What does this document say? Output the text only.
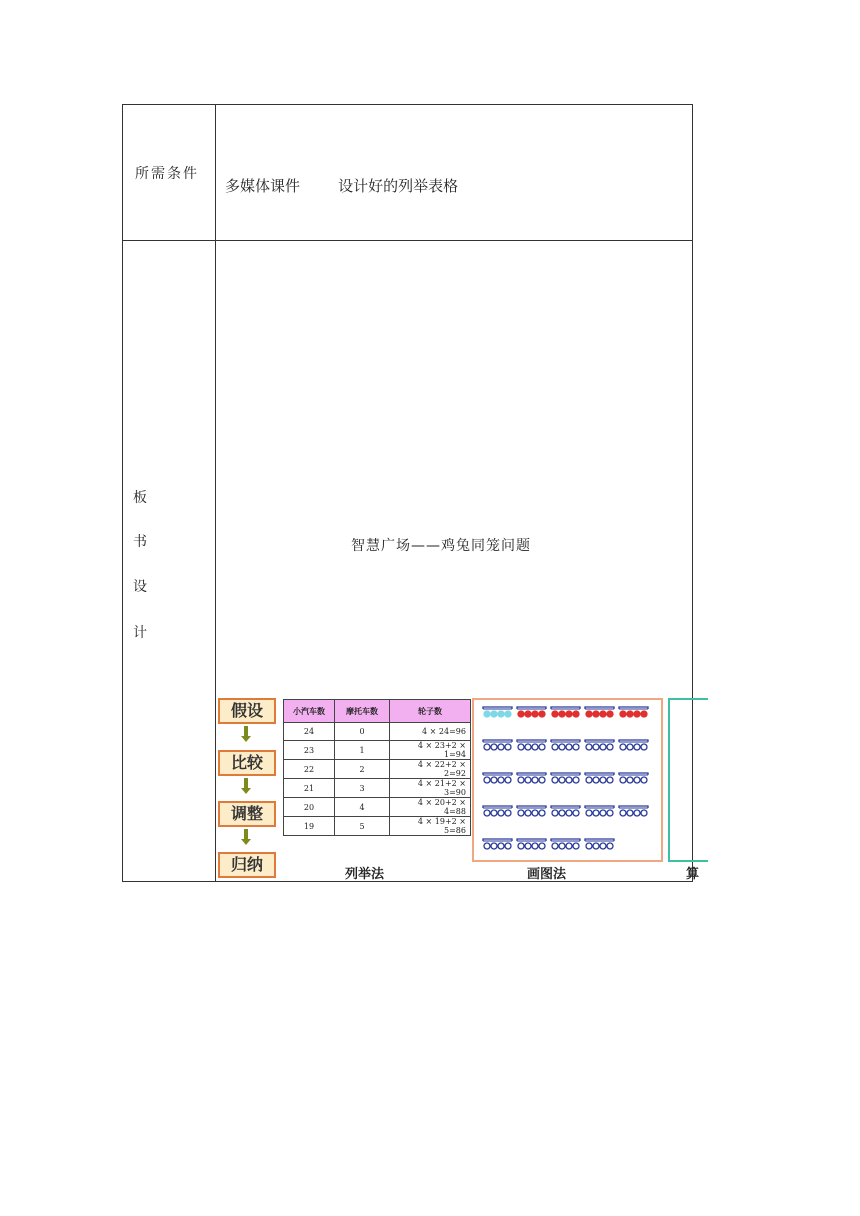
所需条件
多媒体课件        设计好的列举表格
板
书
设
计
智慧广场——鸡兔同笼问题
假设
比较
调整
归纳
小汽车数	摩托车数	轮子数
24	0	4 × 24=96
23	1	4 × 23+2 × 1=94
22	2	4 × 22+2 × 2=92
21	3	4 × 21+2 × 3=90
20	4	4 × 20+2 × 4=88
19	5	4 × 19+2 × 5=86
列举法	画图法	算
